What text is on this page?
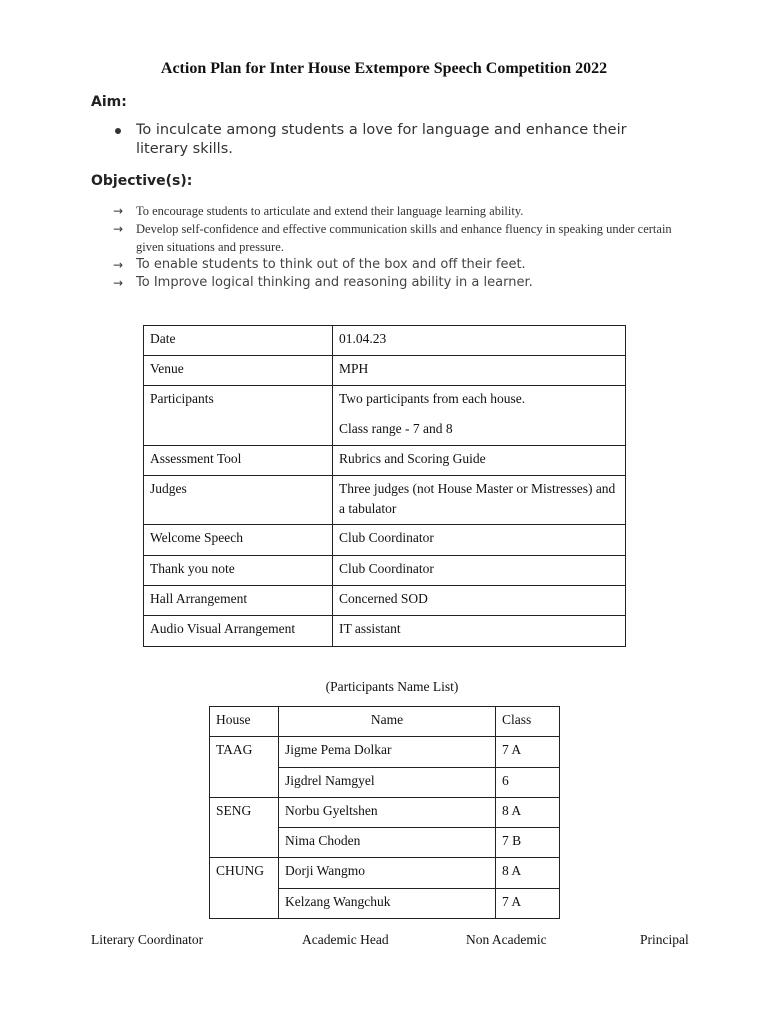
Action Plan for Inter House Extempore Speech Competition 2022
Aim:
To inculcate among students a love for language and enhance their literary skills.
Objective(s):
→ To encourage students to articulate and extend their language learning ability.
→ Develop self-confidence and effective communication skills and enhance fluency in speaking under certain given situations and pressure.
→ To enable students to think out of the box and off their feet.
→ To Improve logical thinking and reasoning ability in a learner.
Date	01.04.23
Venue	MPH
Participants	Two participants from each house.
Class range - 7 and 8

Assessment Tool	Rubrics and Scoring Guide
Judges	Three judges (not House Master or Mistresses) and a tabulator
Welcome Speech	Club Coordinator
Thank you note	Club Coordinator
Hall Arrangement	Concerned SOD
Audio Visual Arrangement	IT assistant
(Participants Name List)
House	Name	Class
TAAG	Jigme Pema Dolkar	7 A
	Jigdrel Namgyel	6
SENG	Norbu Gyeltshen	8 A
	Nima Choden	7 B
CHUNG	Dorji Wangmo	8 A
	Kelzang Wangchuk	7 A
Literary Coordinator	Academic Head	Non Academic	Principal
